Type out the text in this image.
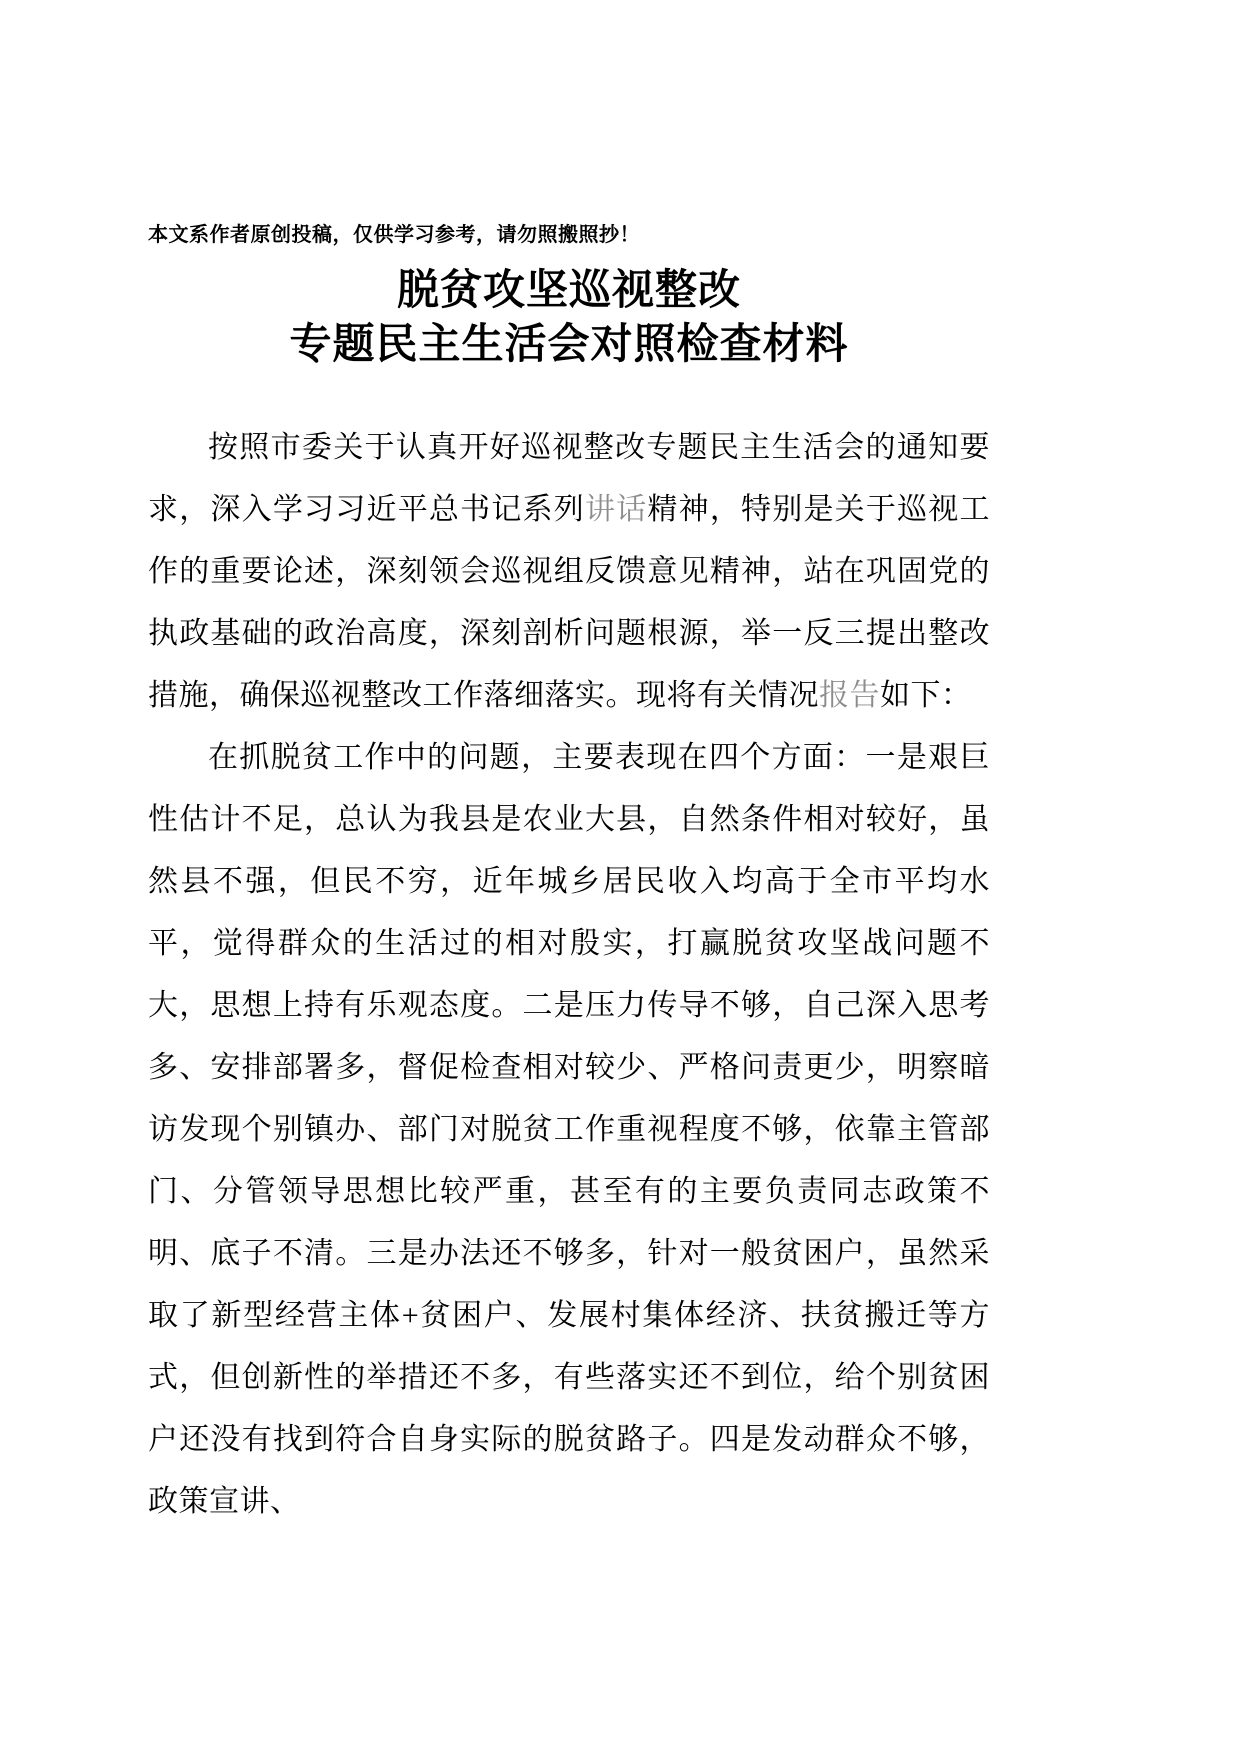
本文系作者原创投稿，仅供学习参考，请勿照搬照抄！

脱贫攻坚巡视整改
专题民主生活会对照检查材料

按照市委关于认真开好巡视整改专题民主生活会的通知要求，深入学习习近平总书记系列讲话精神，特别是关于巡视工作的重要论述，深刻领会巡视组反馈意见精神，站在巩固党的执政基础的政治高度，深刻剖析问题根源，举一反三提出整改措施，确保巡视整改工作落细落实。现将有关情况报告如下：

在抓脱贫工作中的问题，主要表现在四个方面：一是艰巨性估计不足，总认为我县是农业大县，自然条件相对较好，虽然县不强，但民不穷，近年城乡居民收入均高于全市平均水平，觉得群众的生活过的相对殷实，打赢脱贫攻坚战问题不大，思想上持有乐观态度。二是压力传导不够，自己深入思考多、安排部署多，督促检查相对较少、严格问责更少，明察暗访发现个别镇办、部门对脱贫工作重视程度不够，依靠主管部门、分管领导思想比较严重，甚至有的主要负责同志政策不明、底子不清。三是办法还不够多，针对一般贫困户，虽然采取了新型经营主体+贫困户、发展村集体经济、扶贫搬迁等方式，但创新性的举措还不多，有些落实还不到位，给个别贫困户还没有找到符合自身实际的脱贫路子。四是发动群众不够，政策宣讲、
